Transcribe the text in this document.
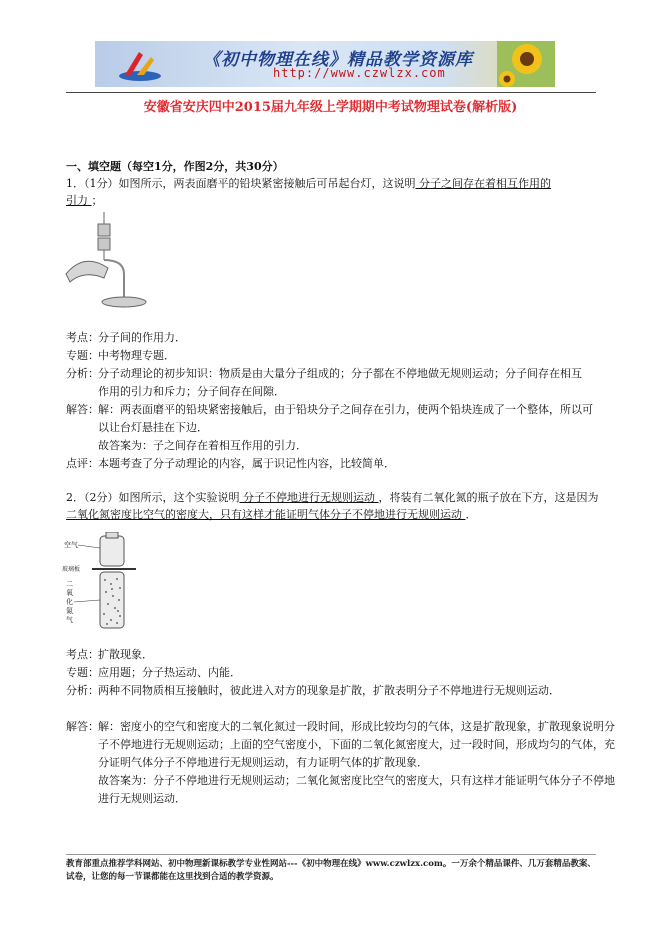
《初中物理在线》精品教学资源库
http://www.czwlzx.com
安徽省安庆四中2015届九年级上学期期中考试物理试卷(解析版)
一、填空题（每空1分，作图2分，共30分）
1．（1分）如图所示，两表面磨平的铅块紧密接触后可吊起台灯，这说明 分子之间存在着相互作用的
引力 ；
考点： 分子间的作用力．
专题： 中考物理专题．
分析： 分子动理论的初步知识：物质是由大量分子组成的；分子都在不停地做无规则运动；分子间存在相互作用的引力和斥力；分子间存在间隙．
解答： 解：两表面磨平的铅块紧密接触后，由于铅块分子之间存在引力，使两个铅块连成了一个整体，所以可以让台灯悬挂在下边．
故答案为：子之间存在着相互作用的引力．
点评： 本题考查了分子动理论的内容，属于识记性内容，比较简单．
2．（2分）如图所示，这个实验说明 分子不停地进行无规则运动 ，将装有二氧化氮的瓶子放在下方，这是因为
二氧化氮密度比空气的密度大，只有这样才能证明气体分子不停地进行无规则运动 ．
空气
玻璃板
二
氧
化
氮
气
考点： 扩散现象．
专题： 应用题；分子热运动、内能．
分析： 两种不同物质相互接触时，彼此进入对方的现象是扩散，扩散表明分子不停地进行无规则运动．
解答： 解：密度小的空气和密度大的二氧化氮过一段时间，形成比较均匀的气体，这是扩散现象，扩散现象说明分子不停地进行无规则运动；上面的空气密度小，下面的二氧化氮密度大，过一段时间，形成均匀的气体，充分证明气体分子不停地进行无规则运动，有力证明气体的扩散现象．
故答案为：分子不停地进行无规则运动；二氧化氮密度比空气的密度大，只有这样才能证明气体分子不停地进行无规则运动．
教育部重点推荐学科网站、初中物理新课标教学专业性网站---《初中物理在线》www.czwlzx.com。一万余个精品课件、几万套精品教案、试卷，让您的每一节课都能在这里找到合适的教学资源。
